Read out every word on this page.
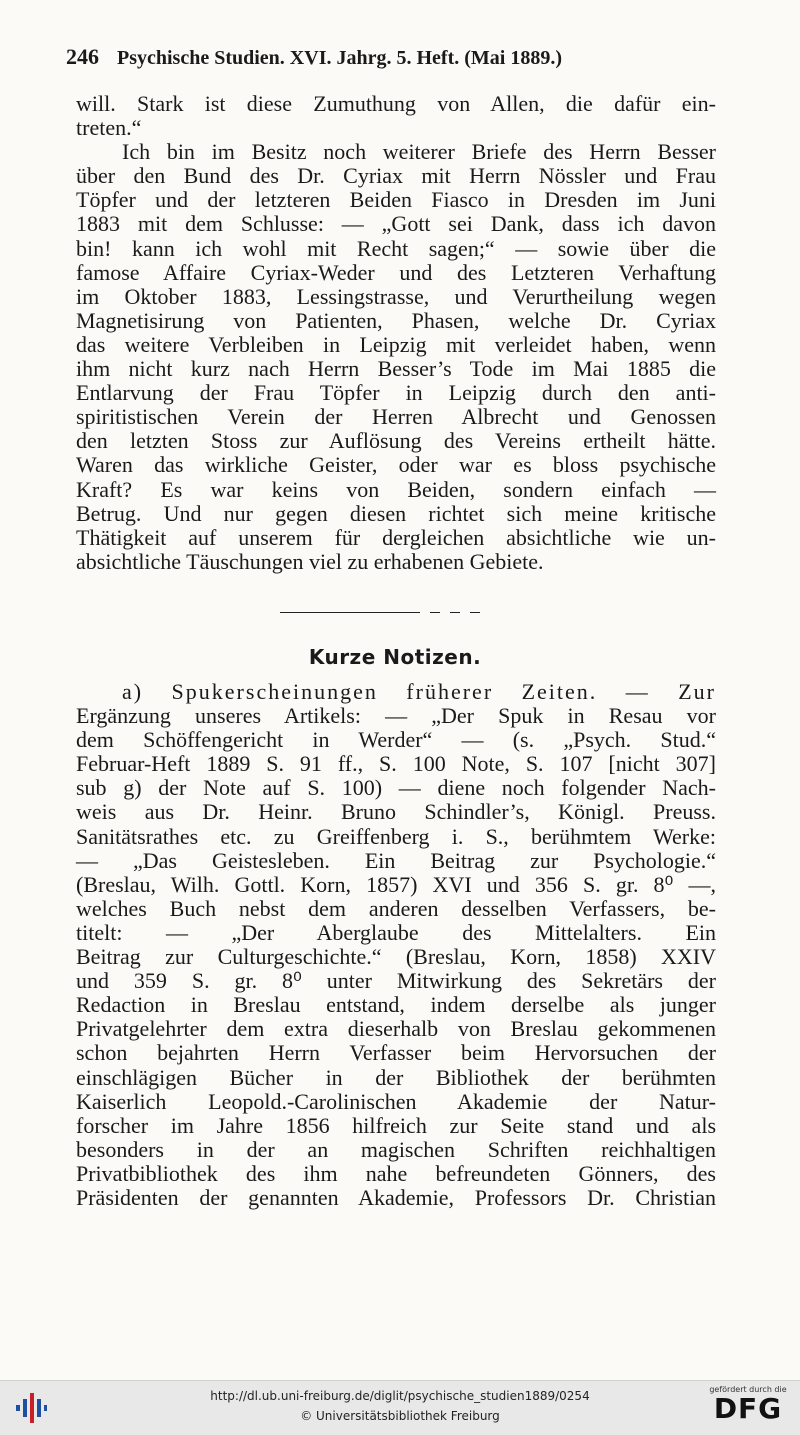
246 Psychische Studien. XVI. Jahrg. 5. Heft. (Mai 1889.)
will. Stark ist diese Zumuthung von Allen, die dafür ein-
treten.“
Ich bin im Besitz noch weiterer Briefe des Herrn Besser
über den Bund des Dr. Cyriax mit Herrn Nössler und Frau
Töpfer und der letzteren Beiden Fiasco in Dresden im Juni
1883 mit dem Schlusse: — „Gott sei Dank, dass ich davon
bin! kann ich wohl mit Recht sagen;“ — sowie über die
famose Affaire Cyriax-Weder und des Letzteren Verhaftung
im Oktober 1883, Lessingstrasse, und Verurtheilung wegen
Magnetisirung von Patienten, Phasen, welche Dr. Cyriax
das weitere Verbleiben in Leipzig mit verleidet haben, wenn
ihm nicht kurz nach Herrn Besser’s Tode im Mai 1885 die
Entlarvung der Frau Töpfer in Leipzig durch den anti-
spiritistischen Verein der Herren Albrecht und Genossen
den letzten Stoss zur Auflösung des Vereins ertheilt hätte.
Waren das wirkliche Geister, oder war es bloss psychische
Kraft? Es war keins von Beiden, sondern einfach —
Betrug. Und nur gegen diesen richtet sich meine kritische
Thätigkeit auf unserem für dergleichen absichtliche wie un-
absichtliche Täuschungen viel zu erhabenen Gebiete.
Kurze Notizen.
a) Spukerscheinungen früherer Zeiten. — Zur
Ergänzung unseres Artikels: — „Der Spuk in Resau vor
dem Schöffengericht in Werder“ — (s. „Psych. Stud.“
Februar-Heft 1889 S. 91 ff., S. 100 Note, S. 107 [nicht 307]
sub g) der Note auf S. 100) — diene noch folgender Nach-
weis aus Dr. Heinr. Bruno Schindler’s, Königl. Preuss.
Sanitätsrathes etc. zu Greiffenberg i. S., berühmtem Werke:
— „Das Geistesleben. Ein Beitrag zur Psychologie.“
(Breslau, Wilh. Gottl. Korn, 1857) XVI und 356 S. gr. 8⁰ —,
welches Buch nebst dem anderen desselben Verfassers, be-
titelt: — „Der Aberglaube des Mittelalters. Ein
Beitrag zur Culturgeschichte.“ (Breslau, Korn, 1858) XXIV
und 359 S. gr. 8⁰ unter Mitwirkung des Sekretärs der
Redaction in Breslau entstand, indem derselbe als junger
Privatgelehrter dem extra dieserhalb von Breslau gekommenen
schon bejahrten Herrn Verfasser beim Hervorsuchen der
einschlägigen Bücher in der Bibliothek der berühmten
Kaiserlich Leopold.-Carolinischen Akademie der Natur-
forscher im Jahre 1856 hilfreich zur Seite stand und als
besonders in der an magischen Schriften reichhaltigen
Privatbibliothek des ihm nahe befreundeten Gönners, des
Präsidenten der genannten Akademie, Professors Dr. Christian
http://dl.ub.uni-freiburg.de/diglit/psychische_studien1889/0254
© Universitätsbibliothek Freiburg
gefördert durch die
DFG
